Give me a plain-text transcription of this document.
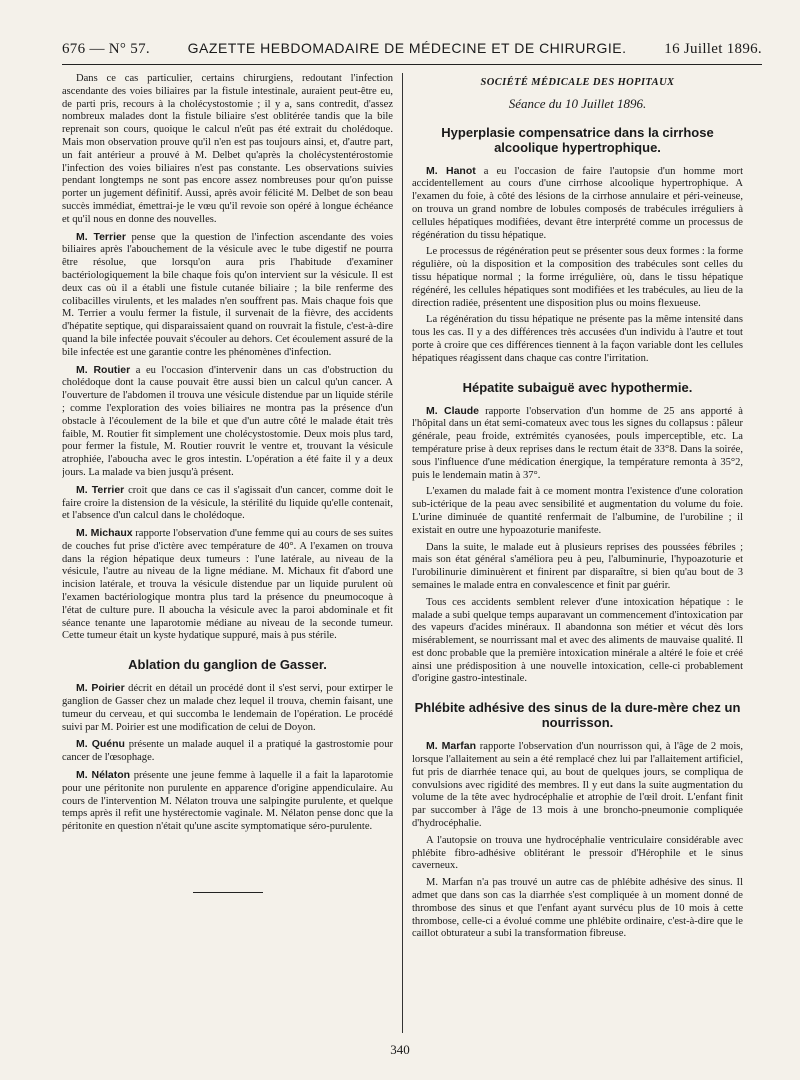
676 — N° 57.	GAZETTE HEBDOMADAIRE DE MÉDECINE ET DE CHIRURGIE.	16 Juillet 1896.

Dans ce cas particulier, certains chirurgiens, redoutant l'infection ascendante des voies biliaires par la fistule intestinale, auraient peut-être eu, de parti pris, recours à la cholécystostomie ; il y a, sans contredit, d'assez nombreux malades dont la fistule biliaire s'est oblitérée tandis que la bile reprenait son cours, quoique le calcul n'eût pas été extrait du cholédoque. Mais mon observation prouve qu'il n'en est pas toujours ainsi, et, d'autre part, un fait antérieur a prouvé à M. Delbet qu'après la cholécystentérostomie l'infection des voies biliaires n'est pas constante. Les observations suivies pendant longtemps ne sont pas encore assez nombreuses pour qu'on puisse porter un jugement définitif. Aussi, après avoir félicité M. Delbet de son beau succès immédiat, émettrai-je le vœu qu'il revoie son opéré à longue échéance et qu'il nous en donne des nouvelles.

M. Terrier pense que la question de l'infection ascendante des voies biliaires après l'abouchement de la vésicule avec le tube digestif ne pourra être résolue, que lorsqu'on aura pris l'habitude d'examiner bactériologiquement la bile chaque fois qu'on intervient sur la vésicule. Il est deux cas où il a établi une fistule cutanée biliaire ; la bile renferme des colibacilles virulents, et les malades n'en souffrent pas. Mais chaque fois que M. Terrier a voulu fermer la fistule, il survenait de la fièvre, des accidents d'hépatite septique, qui disparaissaient quand on rouvrait la fistule, c'est-à-dire quand la bile infectée pouvait s'écouler au dehors. Cet écoulement assuré de la bile infectée est une garantie contre les phénomènes d'infection.

M. Routier a eu l'occasion d'intervenir dans un cas d'obstruction du cholédoque dont la cause pouvait être aussi bien un calcul qu'un cancer. A l'ouverture de l'abdomen il trouva une vésicule distendue par un liquide stérile ; comme l'exploration des voies biliaires ne montra pas la présence d'un obstacle à l'écoulement de la bile et que d'un autre côté le malade était très faible, M. Routier fit simplement une cholécystostomie. Deux mois plus tard, pour fermer la fistule, M. Routier rouvrit le ventre et, trouvant la vésicule atrophiée, l'aboucha avec le gros intestin. L'opération a été faite il y a deux jours. La malade va bien jusqu'à présent.

M. Terrier croit que dans ce cas il s'agissait d'un cancer, comme doit le faire croire la distension de la vésicule, la stérilité du liquide qu'elle contenait, et l'absence d'un calcul dans le cholédoque.

M. Michaux rapporte l'observation d'une femme qui au cours de ses suites de couches fut prise d'ictère avec température de 40°. A l'examen on trouva dans la région hépatique deux tumeurs : l'une latérale, au niveau de la vésicule, l'autre au niveau de la ligne médiane. M. Michaux fit d'abord une incision latérale, et trouva la vésicule distendue par un liquide purulent où l'examen bactériologique montra plus tard la présence du pneumocoque à l'état de culture pure. Il aboucha la vésicule avec la paroi abdominale et fit séance tenante une laparotomie médiane au niveau de la seconde tumeur. Cette tumeur était un kyste hydatique suppuré, mais à pus stérile.

Ablation du ganglion de Gasser.

M. Poirier décrit en détail un procédé dont il s'est servi, pour extirper le ganglion de Gasser chez un malade chez lequel il trouva, chemin faisant, une tumeur du cerveau, et qui succomba le lendemain de l'opération. Le procédé suivi par M. Poirier est une modification de celui de Doyon.

M. Quénu présente un malade auquel il a pratiqué la gastrostomie pour cancer de l'œsophage.

M. Nélaton présente une jeune femme à laquelle il a fait la laparotomie pour une péritonite non purulente en apparence d'origine appendiculaire. Au cours de l'intervention M. Nélaton trouva une salpingite purulente, et quelque temps après il refit une hystérectomie vaginale. M. Nélaton pense donc que la péritonite en question n'était qu'une ascite symptomatique séro-purulente.

SOCIÉTÉ MÉDICALE DES HOPITAUX
Séance du 10 Juillet 1896.
Hyperplasie compensatrice dans la cirrhose alcoolique hypertrophique.

M. Hanot a eu l'occasion de faire l'autopsie d'un homme mort accidentellement au cours d'une cirrhose alcoolique hypertrophique. A l'examen du foie, à côté des lésions de la cirrhose annulaire et péri-veineuse, on trouva un grand nombre de lobules composés de trabécules irréguliers à cellules hépatiques modifiées, devant être interprété comme un processus de régénération du tissu hépatique.

Le processus de régénération peut se présenter sous deux formes : la forme régulière, où la disposition et la composition des trabécules sont celles du tissu hépatique normal ; la forme irrégulière, où, dans le tissu hépatique régénéré, les cellules hépatiques sont modifiées et les trabécules, au lieu de la direction radiée, présentent une disposition plus ou moins flexueuse.

La régénération du tissu hépatique ne présente pas la même intensité dans tous les cas. Il y a des différences très accusées d'un individu à l'autre et tout porte à croire que ces différences tiennent à la façon variable dont les cellules hépatiques réagissent dans chaque cas contre l'irritation.

Hépatite subaiguë avec hypothermie.

M. Claude rapporte l'observation d'un homme de 25 ans apporté à l'hôpital dans un état semi-comateux avec tous les signes du collapsus : pâleur générale, peau froide, extrémités cyanosées, pouls imperceptible, etc. La température prise à deux reprises dans le rectum était de 33°8. Dans la soirée, sous l'influence d'une médication énergique, la température remonta à 35°2, puis le lendemain matin à 37°.

L'examen du malade fait à ce moment montra l'existence d'une coloration sub-ictérique de la peau avec sensibilité et augmentation du volume du foie. L'urine diminuée de quantité renfermait de l'albumine, de l'urobiline ; il existait en outre une hypoazoturie manifeste.

Dans la suite, le malade eut à plusieurs reprises des poussées fébriles ; mais son état général s'améliora peu à peu, l'albuminurie, l'hypoazoturie et l'urobilinurie diminuèrent et finirent par disparaître, si bien qu'au bout de 3 semaines le malade entra en convalescence et finit par guérir.

Tous ces accidents semblent relever d'une intoxication hépatique : le malade a subi quelque temps auparavant un commencement d'intoxication par des vapeurs d'acides minéraux. Il abandonna son métier et vécut dès lors misérablement, se nourrissant mal et avec des aliments de mauvaise qualité. Il est donc probable que la première intoxication minérale a altéré le foie et créé ainsi une prédisposition à une nouvelle intoxication, celle-ci probablement d'origine gastro-intestinale.

Phlébite adhésive des sinus de la dure-mère chez un nourrisson.

M. Marfan rapporte l'observation d'un nourrisson qui, à l'âge de 2 mois, lorsque l'allaitement au sein a été remplacé chez lui par l'allaitement artificiel, fut pris de diarrhée tenace qui, au bout de quelques jours, se compliqua de convulsions avec rigidité des membres. Il y eut dans la suite augmentation du volume de la tête avec hydrocéphalie et atrophie de l'œil droit. L'enfant finit par succomber à l'âge de 13 mois à une broncho-pneumonie compliquée d'hydrocéphalie.

A l'autopsie on trouva une hydrocéphalie ventriculaire considérable avec phlébite fibro-adhésive oblitérant le pressoir d'Hérophile et le sinus caverneux.

M. Marfan n'a pas trouvé un autre cas de phlébite adhésive des sinus. Il admet que dans son cas la diarrhée s'est compliquée à un moment donné de thrombose des sinus et que l'enfant ayant survécu plus de 10 mois à cette thrombose, celle-ci a évolué comme une phlébite ordinaire, c'est-à-dire que le caillot obturateur a subi la transformation fibreuse.

340
